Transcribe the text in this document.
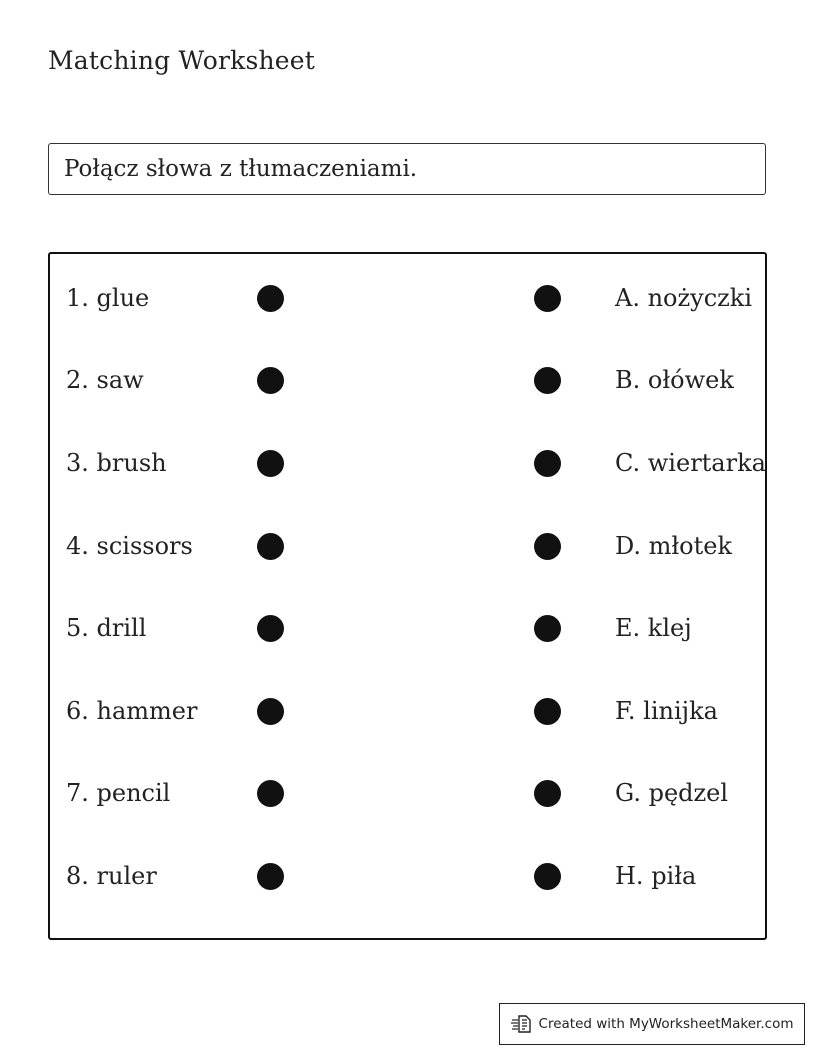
Matching Worksheet
Połącz słowa z tłumaczeniami.
1. glue	A. nożyczki
2. saw	B. ołówek
3. brush	C. wiertarka
4. scissors	D. młotek
5. drill	E. klej
6. hammer	F. linijka
7. pencil	G. pędzel
8. ruler	H. piła
Created with MyWorksheetMaker.com
